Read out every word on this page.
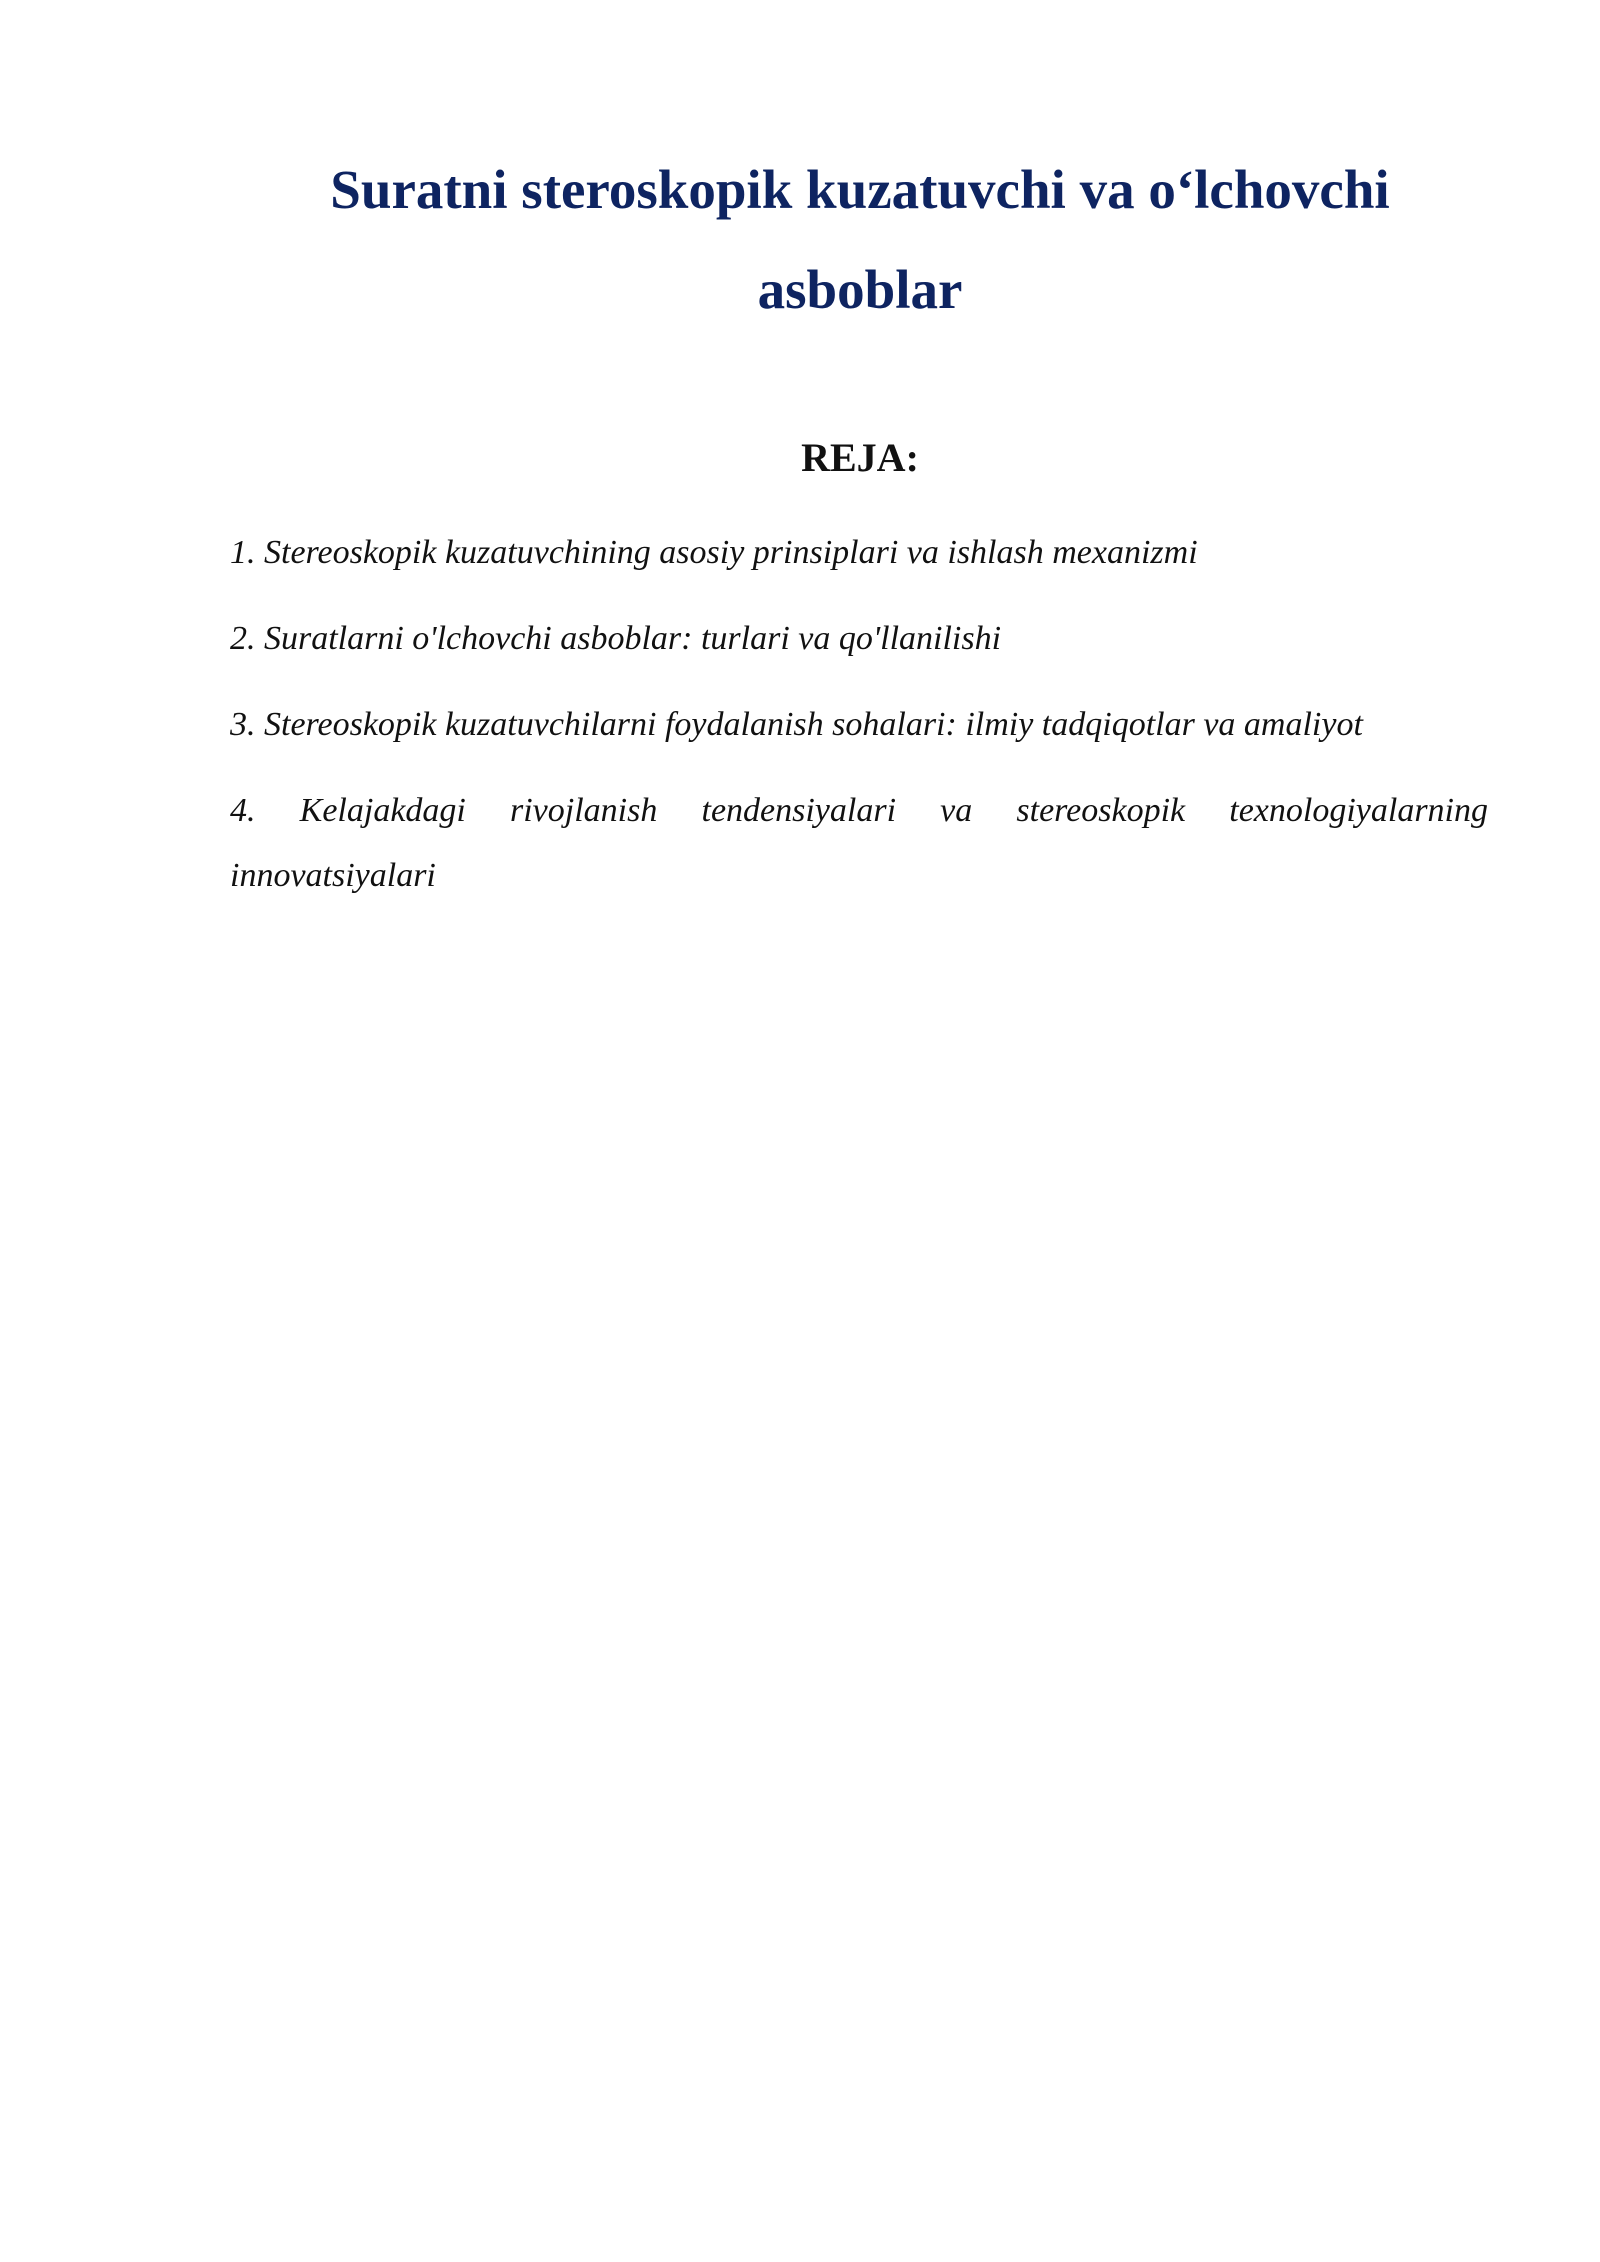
Suratni steroskopik kuzatuvchi va o‘lchovchi asboblar
REJA:
1. Stereoskopik kuzatuvchining asosiy prinsiplari va ishlash mexanizmi
2. Suratlarni o'lchovchi asboblar: turlari va qo'llanilishi
3. Stereoskopik kuzatuvchilarni foydalanish sohalari: ilmiy tadqiqotlar va amaliyot
4. Kelajakdagi rivojlanish tendensiyalari va stereoskopik texnologiyalarning innovatsiyalari
